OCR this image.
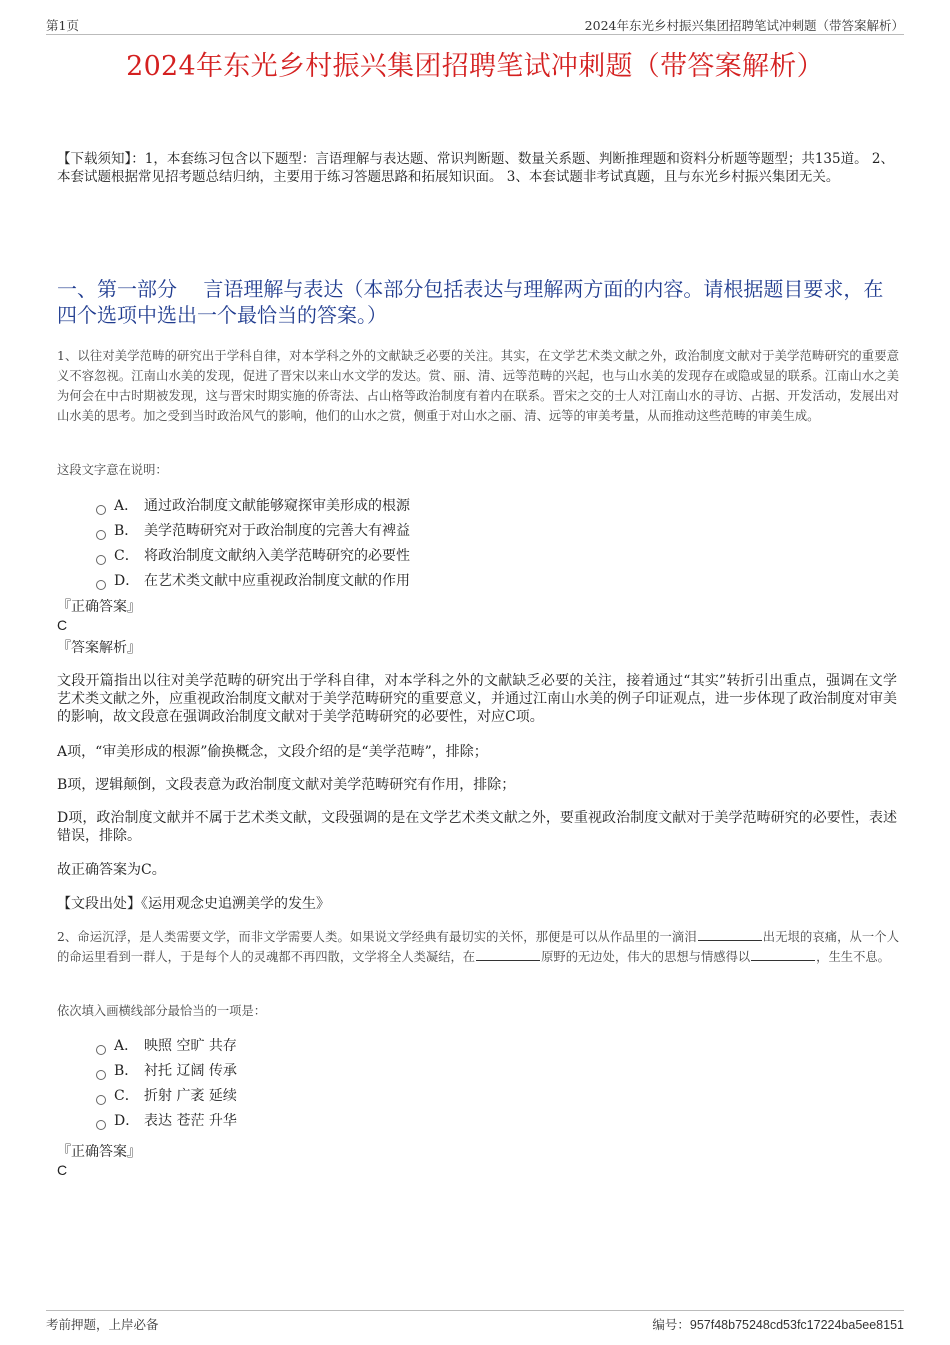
第1页	2024年东光乡村振兴集团招聘笔试冲刺题（带答案解析）
2024年东光乡村振兴集团招聘笔试冲刺题（带答案解析）
【下载须知】：1，本套练习包含以下题型：言语理解与表达题、常识判断题、数量关系题、判断推理题和资料分析题等题型；共135道。 2、本套试题根据常见招考题总结归纳，主要用于练习答题思路和拓展知识面。 3、本套试题非考试真题，且与东光乡村振兴集团无关。
一、第一部分　 言语理解与表达（本部分包括表达与理解两方面的内容。请根据题目要求，在四个选项中选出一个最恰当的答案。）
1、以往对美学范畴的研究出于学科自律，对本学科之外的文献缺乏必要的关注。其实，在文学艺术类文献之外，政治制度文献对于美学范畴研究的重要意义不容忽视。江南山水美的发现，促进了晋宋以来山水文学的发达。赏、丽、清、远等范畴的兴起，也与山水美的发现存在或隐或显的联系。江南山水之美为何会在中古时期被发现，这与晋宋时期实施的侨寄法、占山格等政治制度有着内在联系。晋宋之交的士人对江南山水的寻访、占据、开发活动，发展出对山水美的思考。加之受到当时政治风气的影响，他们的山水之赏，侧重于对山水之丽、清、远等的审美考量，从而推动这些范畴的审美生成。
这段文字意在说明：
A． 通过政治制度文献能够窥探审美形成的根源
B． 美学范畴研究对于政治制度的完善大有裨益
C． 将政治制度文献纳入美学范畴研究的必要性
D． 在艺术类文献中应重视政治制度文献的作用
『正确答案』
C
『答案解析』
文段开篇指出以往对美学范畴的研究出于学科自律，对本学科之外的文献缺乏必要的关注，接着通过“其实”转折引出重点，强调在文学艺术类文献之外，应重视政治制度文献对于美学范畴研究的重要意义，并通过江南山水美的例子印证观点，进一步体现了政治制度对审美的影响，故文段意在强调政治制度文献对于美学范畴研究的必要性，对应C项。
A项，“审美形成的根源”偷换概念，文段介绍的是“美学范畴”，排除；
B项，逻辑颠倒，文段表意为政治制度文献对美学范畴研究有作用，排除；
D项，政治制度文献并不属于艺术类文献，文段强调的是在文学艺术类文献之外，要重视政治制度文献对于美学范畴研究的必要性，表述错误，排除。
故正确答案为C。
【文段出处】《运用观念史追溯美学的发生》
2、命运沉浮，是人类需要文学，而非文学需要人类。如果说文学经典有最切实的关怀，那便是可以从作品里的一滴泪	出无垠的哀痛，从一个人的命运里看到一群人，于是每个人的灵魂都不再四散，文学将全人类凝结，在	原野的无边处，伟大的思想与情感得以	，生生不息。
依次填入画横线部分最恰当的一项是：
A． 映照 空旷 共存
B． 衬托 辽阔 传承
C． 折射 广袤 延续
D． 表达 苍茫 升华
『正确答案』
C
考前押题，上岸必备	编号：957f48b75248cd53fc17224ba5ee8151
